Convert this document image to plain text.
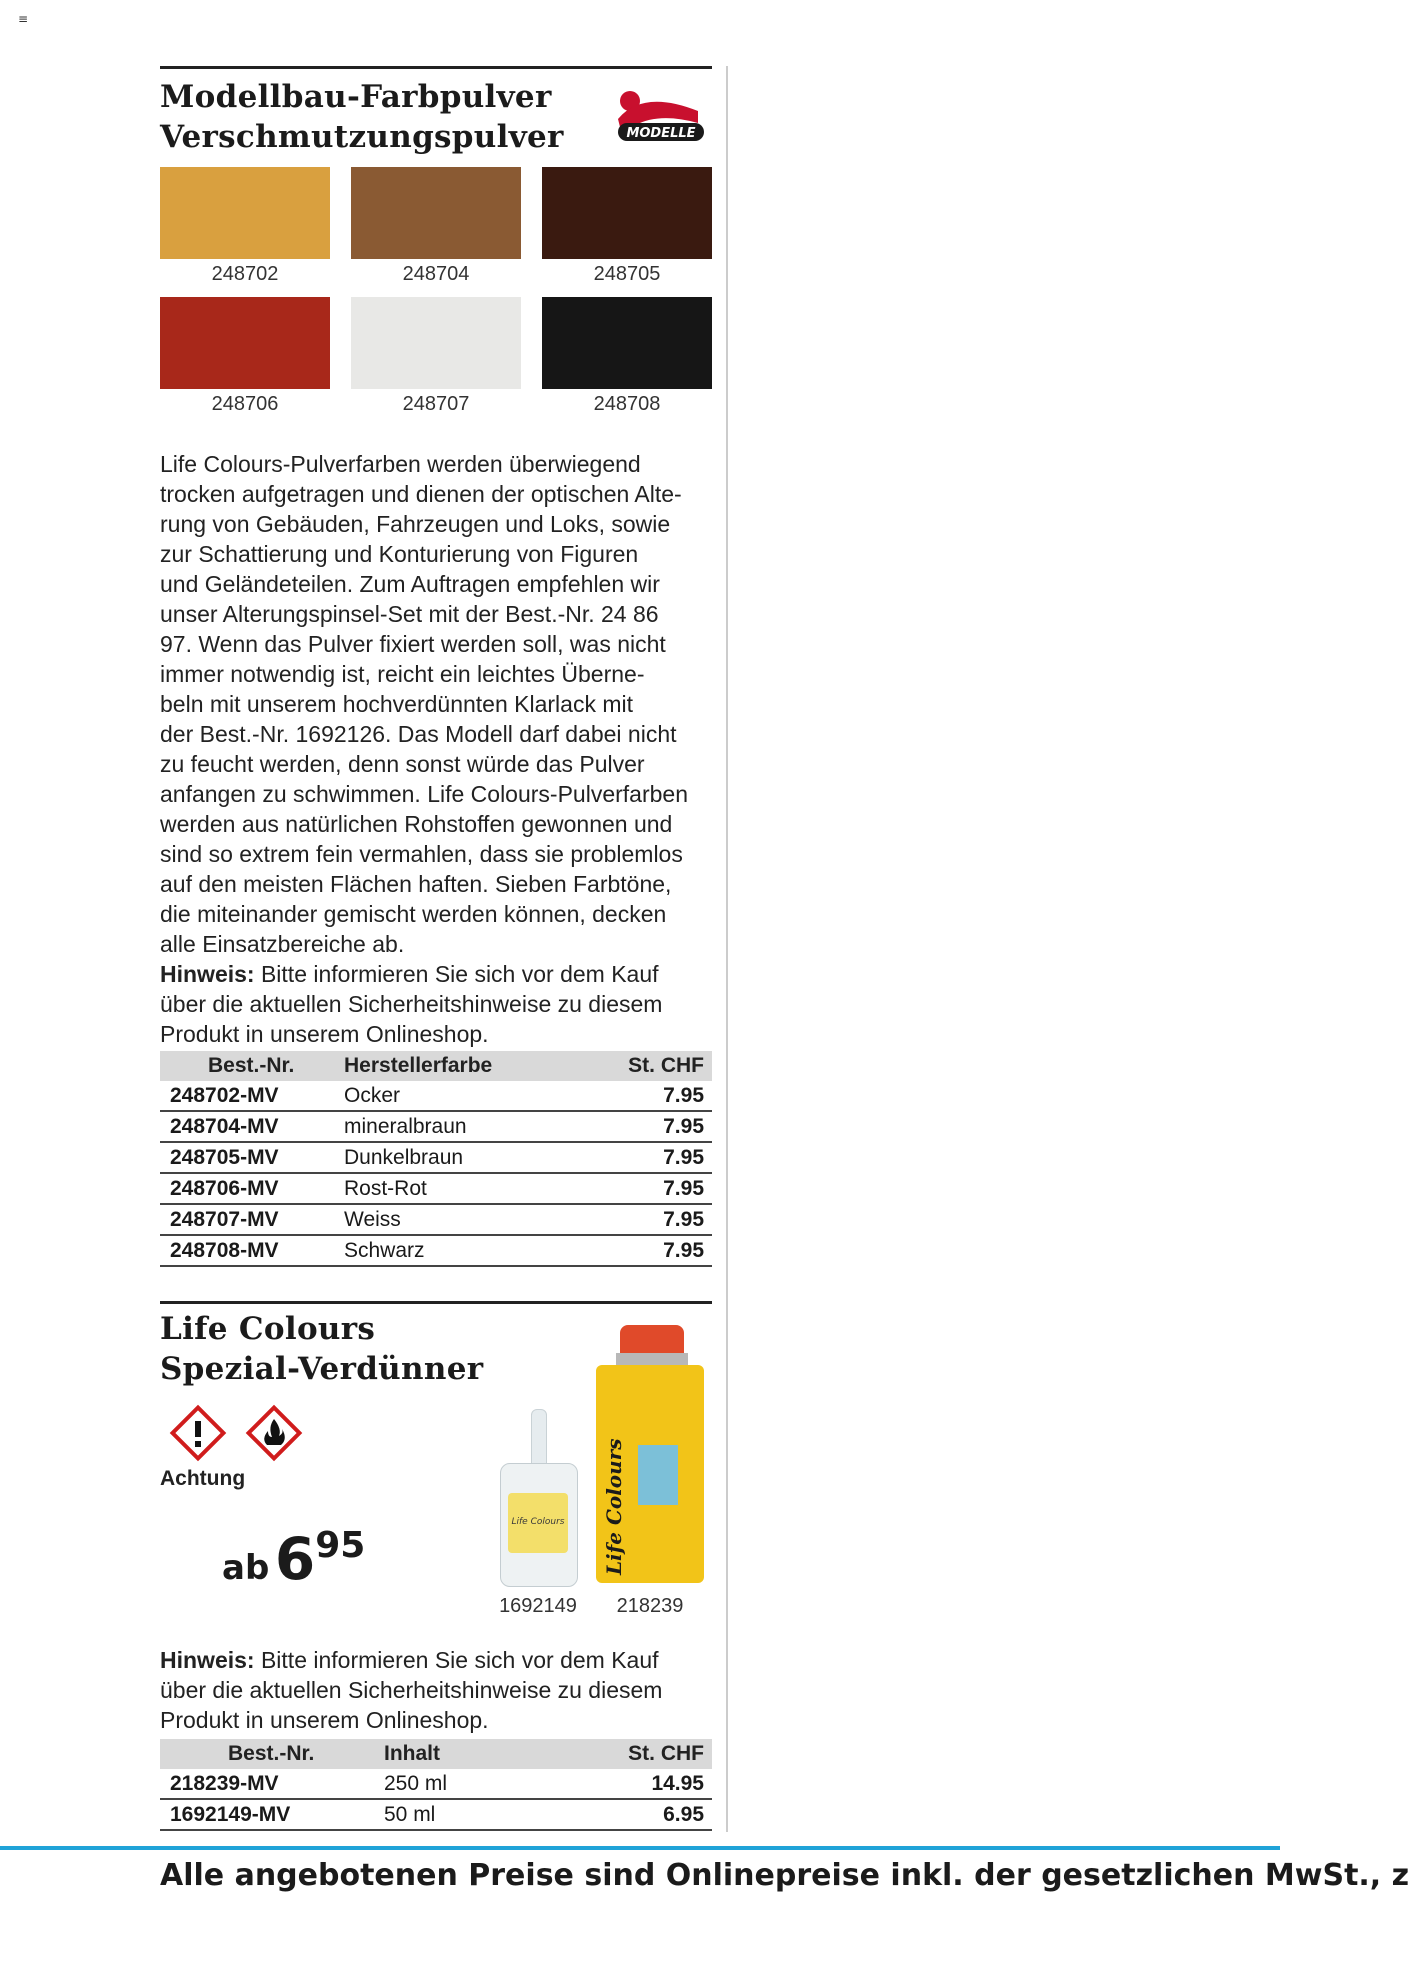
≡
Modellbau-Farbpulver
Verschmutzungspulver	MODELLE
248702	248704	248705
248706	248707	248708
Life Colours-Pulverfarben werden überwiegend
trocken aufgetragen und dienen der optischen Alte-
rung von Gebäuden, Fahrzeugen und Loks, sowie
zur Schattierung und Konturierung von Figuren
und Geländeteilen. Zum Auftragen empfehlen wir
unser Alterungspinsel-Set mit der Best.-Nr. 24 86
97. Wenn das Pulver fixiert werden soll, was nicht
immer notwendig ist, reicht ein leichtes Überne-
beln mit unserem hochverdünnten Klarlack mit
der Best.-Nr. 1692126. Das Modell darf dabei nicht
zu feucht werden, denn sonst würde das Pulver
anfangen zu schwimmen. Life Colours-Pulverfarben
werden aus natürlichen Rohstoffen gewonnen und
sind so extrem fein vermahlen, dass sie problemlos
auf den meisten Flächen haften. Sieben Farbtöne,
die miteinander gemischt werden können, decken
alle Einsatzbereiche ab.
Hinweis: Bitte informieren Sie sich vor dem Kauf
über die aktuellen Sicherheitshinweise zu diesem
Produkt in unserem Onlineshop.
Best.-Nr.	Herstellerfarbe	St. CHF
248702-MV	Ocker	7.95
248704-MV	mineralbraun	7.95
248705-MV	Dunkelbraun	7.95
248706-MV	Rost-Rot	7.95
248707-MV	Weiss	7.95
248708-MV	Schwarz	7.95
Life Colours
Spezial-Verdünner
Achtung
ab 695
Life Colours Life Colours
1692149	218239
Hinweis: Bitte informieren Sie sich vor dem Kauf
über die aktuellen Sicherheitshinweise zu diesem
Produkt in unserem Onlineshop.
Best.-Nr.	Inhalt	St. CHF
218239-MV	250 ml	14.95
1692149-MV	50 ml	6.95
MODELLE

MODELLE

MODELLE

MODELLE

Alle angebotenen Preise sind Onlinepreise inkl. der gesetzlichen MwSt., z
